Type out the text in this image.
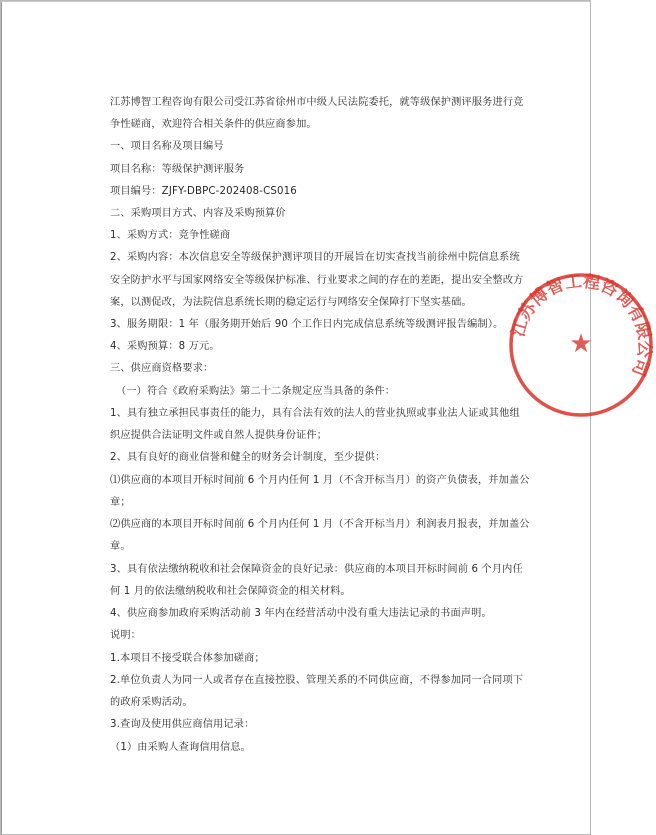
江苏博智工程咨询有限公司受江苏省徐州市中级人民法院委托，就等级保护测评服务进行竞
争性磋商，欢迎符合相关条件的供应商参加。
一、项目名称及项目编号
项目名称：等级保护测评服务
项目编号：ZJFY-DBPC-202408-CS016
二、采购项目方式、内容及采购预算价
1、采购方式：竞争性磋商
2、采购内容：本次信息安全等级保护测评项目的开展旨在切实查找当前徐州中院信息系统
安全防护水平与国家网络安全等级保护标准、行业要求之间的存在的差距，提出安全整改方
案，以测促改，为法院信息系统长期的稳定运行与网络安全保障打下坚实基础。
3、服务期限：1 年（服务期开始后 90 个工作日内完成信息系统等级测评报告编制）。
4、采购预算：8 万元。
三、供应商资格要求：
（一）符合《政府采购法》第二十二条规定应当具备的条件：
1、具有独立承担民事责任的能力，具有合法有效的法人的营业执照或事业法人证或其他组
织应提供合法证明文件或自然人提供身份证件；
2、具有良好的商业信誉和健全的财务会计制度，至少提供：
⑴供应商的本项目开标时间前 6 个月内任何 1 月（不含开标当月）的资产负债表，并加盖公
章；
⑵供应商的本项目开标时间前 6 个月内任何 1 月（不含开标当月）利润表月报表，并加盖公
章。
3、具有依法缴纳税收和社会保障资金的良好记录：供应商的本项目开标时间前 6 个月内任
何 1 月的依法缴纳税收和社会保障资金的相关材料。
4、供应商参加政府采购活动前 3 年内在经营活动中没有重大违法记录的书面声明。
说明：
1.本项目不接受联合体参加磋商；
2.单位负责人为同一人或者存在直接控股、管理关系的不同供应商，不得参加同一合同项下
的政府采购活动。
3.查询及使用供应商信用记录：
（1）由采购人查询信用信息。
江苏博智工程咨询有限公司
★
